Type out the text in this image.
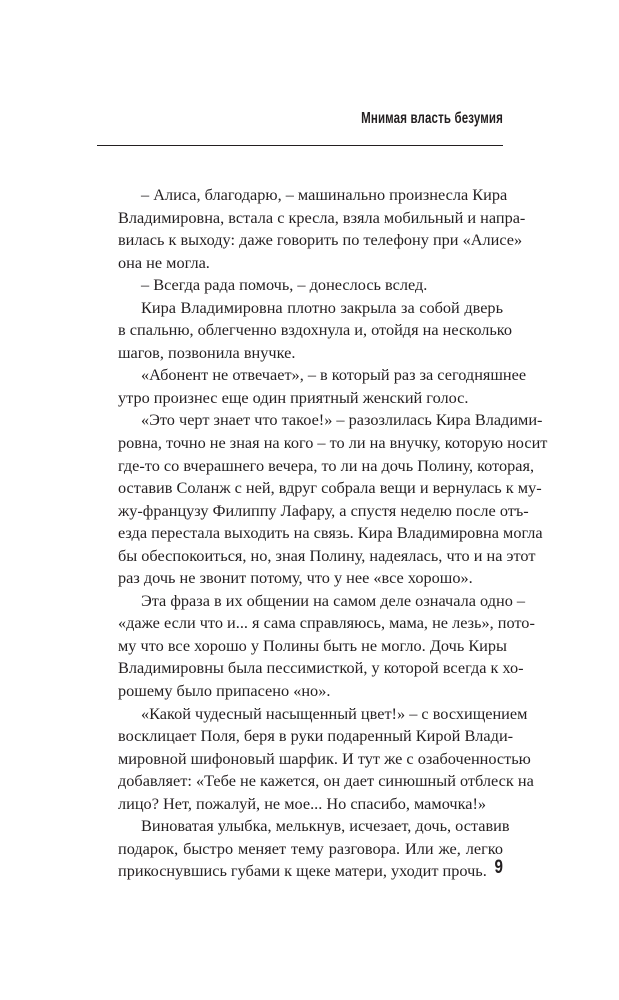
Мнимая власть безумия
– Алиса, благодарю, – машинально произнесла Кира
Владимировна, встала с кресла, взяла мобильный и напра-
вилась к выходу: даже говорить по телефону при «Алисе»
она не могла.
– Всегда рада помочь, – донеслось вслед.
Кира Владимировна плотно закрыла за собой дверь
в спальню, облегченно вздохнула и, отойдя на несколько
шагов, позвонила внучке.
«Абонент не отвечает», – в который раз за сегодняшнее
утро произнес еще один приятный женский голос.
«Это черт знает что такое!» – разозлилась Кира Владими-
ровна, точно не зная на кого – то ли на внучку, которую носит
где-то со вчерашнего вечера, то ли на дочь Полину, которая,
оставив Соланж с ней, вдруг собрала вещи и вернулась к му-
жу-французу Филиппу Лафару, а спустя неделю после отъ-
езда перестала выходить на связь. Кира Владимировна могла
бы обеспокоиться, но, зная Полину, надеялась, что и на этот
раз дочь не звонит потому, что у нее «все хорошо».
Эта фраза в их общении на самом деле означала одно –
«даже если что и... я сама справляюсь, мама, не лезь», пото-
му что все хорошо у Полины быть не могло. Дочь Киры
Владимировны была пессимисткой, у которой всегда к хо-
рошему было припасено «но».
«Какой чудесный насыщенный цвет!» – с восхищением
восклицает Поля, беря в руки подаренный Кирой Влади-
мировной шифоновый шарфик. И тут же с озабоченностью
добавляет: «Тебе не кажется, он дает синюшный отблеск на
лицо? Нет, пожалуй, не мое... Но спасибо, мамочка!»
Виноватая улыбка, мелькнув, исчезает, дочь, оставив
подарок, быстро меняет тему разговора. Или же, легко
прикоснувшись губами к щеке матери, уходит прочь. 9
